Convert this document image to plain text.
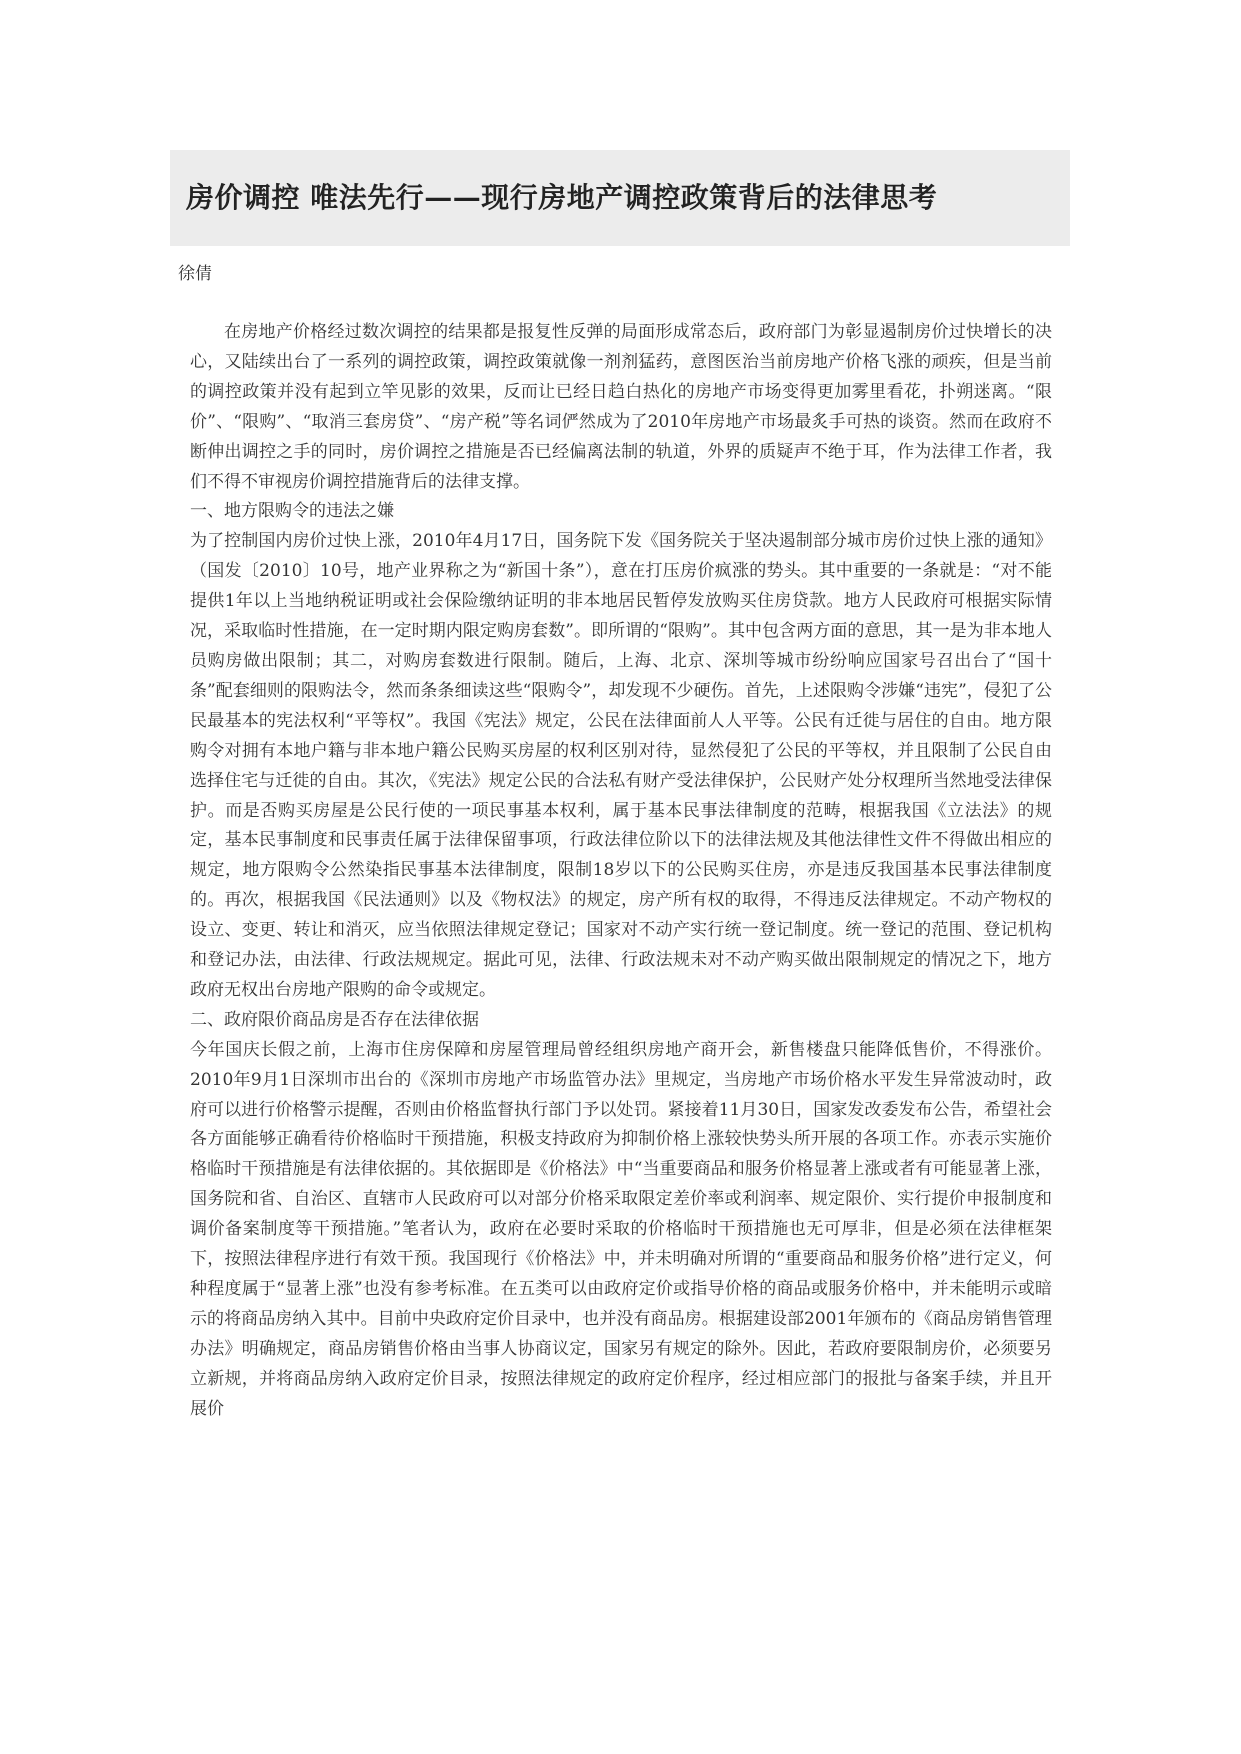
房价调控 唯法先行——现行房地产调控政策背后的法律思考
徐倩

在房地产价格经过数次调控的结果都是报复性反弹的局面形成常态后，政府部门为彰显遏制房价过快增长的决心，又陆续出台了一系列的调控政策，调控政策就像一剂剂猛药，意图医治当前房地产价格飞涨的顽疾，但是当前的调控政策并没有起到立竿见影的效果，反而让已经日趋白热化的房地产市场变得更加雾里看花，扑朔迷离。“限价”、“限购”、“取消三套房贷”、“房产税”等名词俨然成为了2010年房地产市场最炙手可热的谈资。然而在政府不断伸出调控之手的同时，房价调控之措施是否已经偏离法制的轨道，外界的质疑声不绝于耳，作为法律工作者，我们不得不审视房价调控措施背后的法律支撑。

一、地方限购令的违法之嫌

为了控制国内房价过快上涨，2010年4月17日，国务院下发《国务院关于坚决遏制部分城市房价过快上涨的通知》（国发〔2010〕10号，地产业界称之为“新国十条”），意在打压房价疯涨的势头。其中重要的一条就是：“对不能提供1年以上当地纳税证明或社会保险缴纳证明的非本地居民暂停发放购买住房贷款。地方人民政府可根据实际情况，采取临时性措施，在一定时期内限定购房套数”。即所谓的“限购”。其中包含两方面的意思，其一是为非本地人员购房做出限制；其二，对购房套数进行限制。随后，上海、北京、深圳等城市纷纷响应国家号召出台了“国十条”配套细则的限购法令，然而条条细读这些“限购令”，却发现不少硬伤。首先，上述限购令涉嫌“违宪”，侵犯了公民最基本的宪法权利“平等权”。我国《宪法》规定，公民在法律面前人人平等。公民有迁徙与居住的自由。地方限购令对拥有本地户籍与非本地户籍公民购买房屋的权利区别对待，显然侵犯了公民的平等权，并且限制了公民自由选择住宅与迁徙的自由。其次，《宪法》规定公民的合法私有财产受法律保护，公民财产处分权理所当然地受法律保护。而是否购买房屋是公民行使的一项民事基本权利，属于基本民事法律制度的范畴，根据我国《立法法》的规定，基本民事制度和民事责任属于法律保留事项，行政法律位阶以下的法律法规及其他法律性文件不得做出相应的规定，地方限购令公然染指民事基本法律制度，限制18岁以下的公民购买住房，亦是违反我国基本民事法律制度的。再次，根据我国《民法通则》以及《物权法》的规定，房产所有权的取得，不得违反法律规定。不动产物权的设立、变更、转让和消灭，应当依照法律规定登记；国家对不动产实行统一登记制度。统一登记的范围、登记机构和登记办法，由法律、行政法规规定。据此可见，法律、行政法规未对不动产购买做出限制规定的情况之下，地方政府无权出台房地产限购的命令或规定。

二、政府限价商品房是否存在法律依据

今年国庆长假之前，上海市住房保障和房屋管理局曾经组织房地产商开会，新售楼盘只能降低售价，不得涨价。2010年9月1日深圳市出台的《深圳市房地产市场监管办法》里规定，当房地产市场价格水平发生异常波动时，政府可以进行价格警示提醒，否则由价格监督执行部门予以处罚。紧接着11月30日，国家发改委发布公告，希望社会各方面能够正确看待价格临时干预措施，积极支持政府为抑制价格上涨较快势头所开展的各项工作。亦表示实施价格临时干预措施是有法律依据的。其依据即是《价格法》中“当重要商品和服务价格显著上涨或者有可能显著上涨，国务院和省、自治区、直辖市人民政府可以对部分价格采取限定差价率或利润率、规定限价、实行提价申报制度和调价备案制度等干预措施。”笔者认为，政府在必要时采取的价格临时干预措施也无可厚非，但是必须在法律框架下，按照法律程序进行有效干预。我国现行《价格法》中，并未明确对所谓的“重要商品和服务价格”进行定义，何种程度属于“显著上涨”也没有参考标准。在五类可以由政府定价或指导价格的商品或服务价格中，并未能明示或暗示的将商品房纳入其中。目前中央政府定价目录中，也并没有商品房。根据建设部2001年颁布的《商品房销售管理办法》明确规定，商品房销售价格由当事人协商议定，国家另有规定的除外。因此，若政府要限制房价，必须要另立新规，并将商品房纳入政府定价目录，按照法律规定的政府定价程序，经过相应部门的报批与备案手续，并且开展价
